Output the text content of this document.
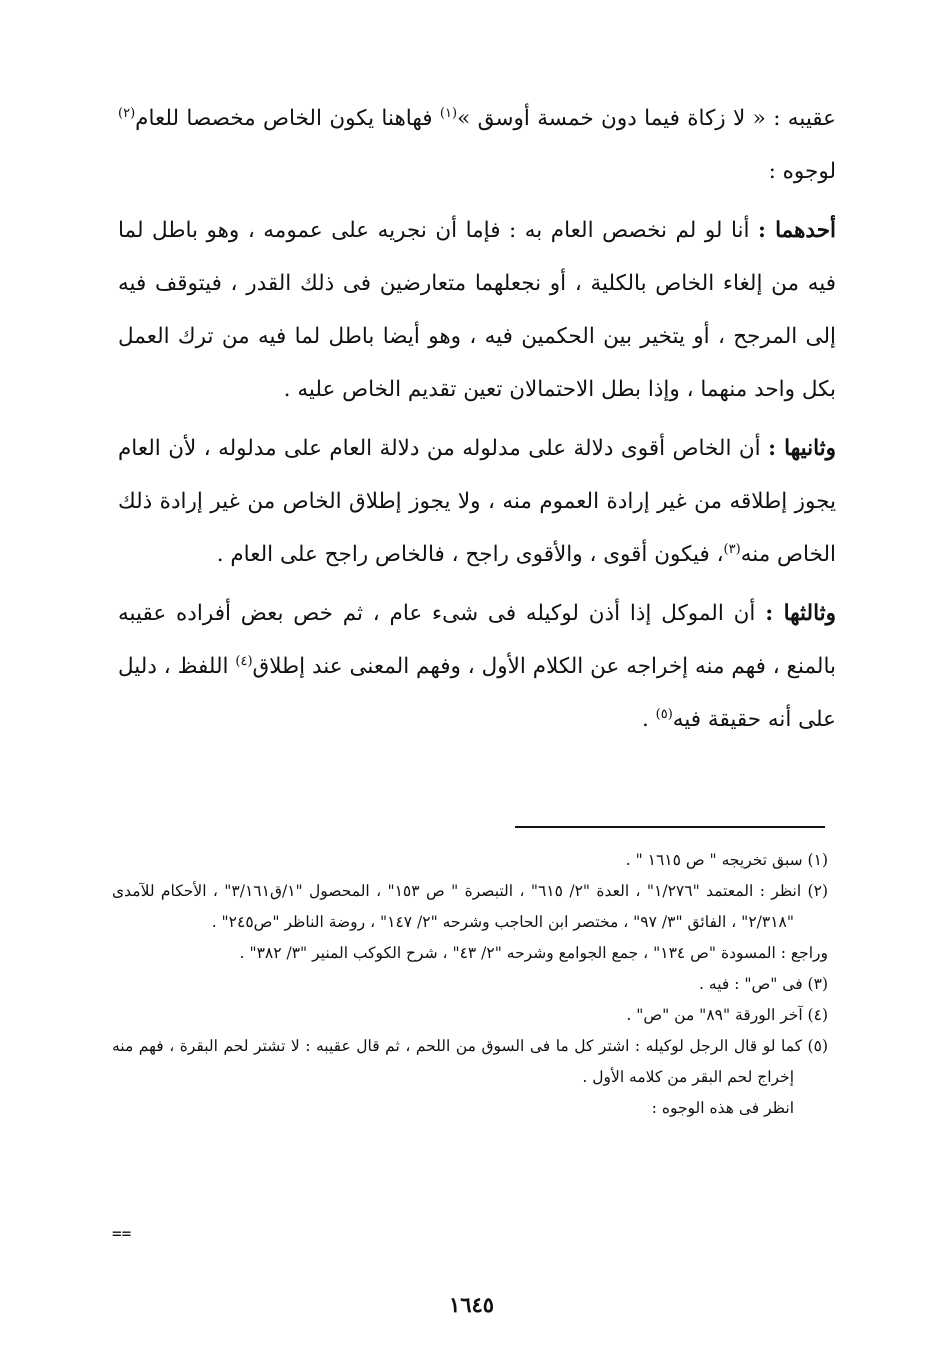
عقيبه : « لا زكاة فيما دون خمسة أوسق »$^{(١)}$ فهاهنا يكون الخاص مخصصا للعام$^{(٢)}$ لوجوه :

أحدهما : أنا لو لم نخصص العام به : فإما أن نجريه على عمومه ، وهو باطل لما فيه من إلغاء الخاص بالكلية ، أو نجعلهما متعارضين فى ذلك القدر ، فيتوقف فيه إلى المرجح ، أو يتخير بين الحكمين فيه ، وهو أيضا باطل لما فيه من ترك العمل بكل واحد منهما ، وإذا بطل الاحتمالان تعين تقديم الخاص عليه .

وثانيها : أن الخاص أقوى دلالة على مدلوله من دلالة العام على مدلوله ، لأن العام يجوز إطلاقه من غير إرادة العموم منه ، ولا يجوز إطلاق الخاص من غير إرادة ذلك الخاص منه$^{(٣)}$، فيكون أقوى ، والأقوى راجح ، فالخاص راجح على العام .

وثالثها : أن الموكل إذا أذن لوكيله فى شىء عام ، ثم خص بعض أفراده عقيبه بالمنع ، فهم منه إخراجه عن الكلام الأول ، وفهم المعنى عند إطلاق$^{(٤)}$ اللفظ ، دليل على أنه حقيقة فيه$^{(٥)}$ .

(١) سبق تخريجه " ص ١٦١٥ " .

(٢) انظر : المعتمد "١/٢٧٦" ، العدة "٢/ ٦١٥" ، التبصرة " ص ١٥٣" ، المحصول "١/ق٣/١٦١" ، الأحكام للآمدى "٢/٣١٨" ، الفائق "٣/ ٩٧" ، مختصر ابن الحاجب وشرحه "٢/ ١٤٧" ، روضة الناظر "ص٢٤٥" .

وراجع : المسودة "ص ١٣٤" ، جمع الجوامع وشرحه "٢/ ٤٣" ، شرح الكوكب المنير "٣/ ٣٨٢" .

(٣) فى "ص" : فيه .

(٤) آخر الورقة "٨٩" من "ص" .

(٥) كما لو قال الرجل لوكيله : اشتر كل ما فى السوق من اللحم ، ثم قال عقيبه : لا تشتر لحم البقرة ، فهم منه إخراج لحم البقر من كلامه الأول .

انظر فى هذه الوجوه :

==
١٦٤٥
